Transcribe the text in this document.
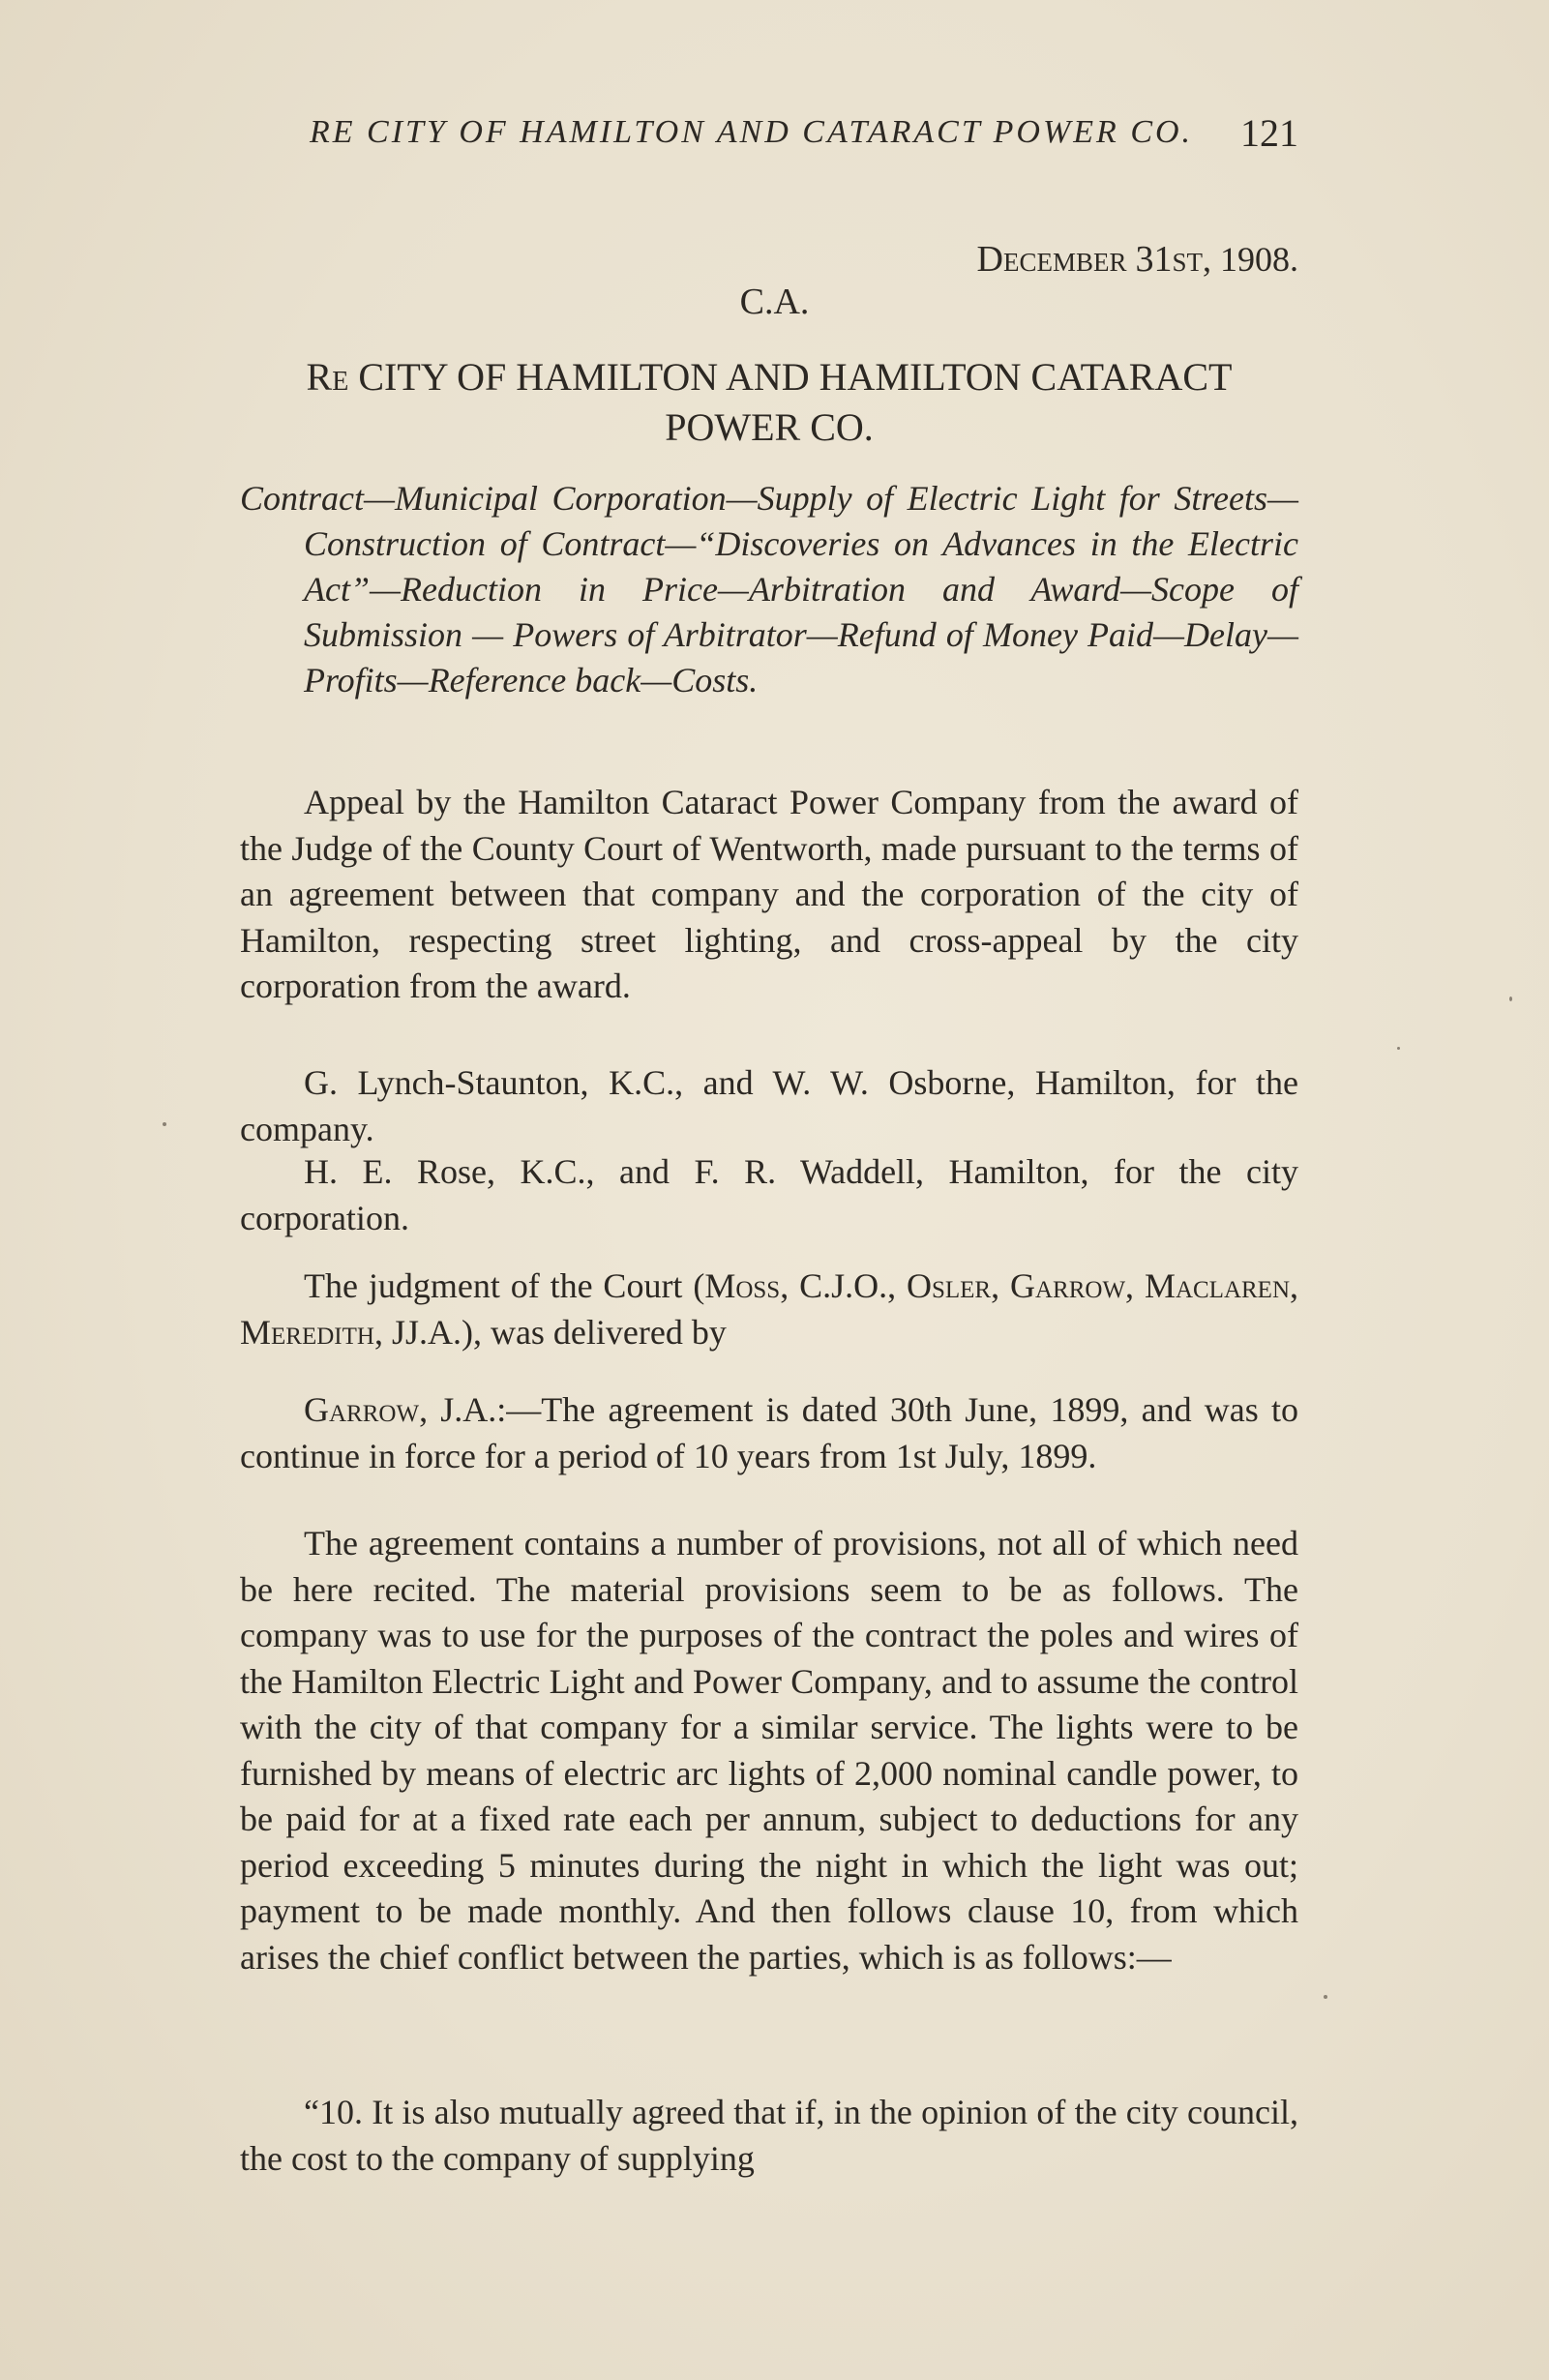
RE CITY OF HAMILTON AND CATARACT POWER CO. 121
December 31st, 1908.
C.A.
Re CITY OF HAMILTON AND HAMILTON CATARACT
POWER CO.
Contract—Municipal Corporation—Supply of Electric Light for Streets—Construction of Contract—“Discoveries on Advances in the Electric Act”—Reduction in Price—Arbitration and Award—Scope of Submission — Powers of Arbitrator—Refund of Money Paid—Delay—Profits—Reference back—Costs.

Appeal by the Hamilton Cataract Power Company from the award of the Judge of the County Court of Wentworth, made pursuant to the terms of an agreement between that company and the corporation of the city of Hamilton, respecting street lighting, and cross-appeal by the city corporation from the award.

G. Lynch-Staunton, K.C., and W. W. Osborne, Hamilton, for the company.

H. E. Rose, K.C., and F. R. Waddell, Hamilton, for the city corporation.

The judgment of the Court (Moss, C.J.O., Osler, Garrow, Maclaren, Meredith, JJ.A.), was delivered by

Garrow, J.A.:—The agreement is dated 30th June, 1899, and was to continue in force for a period of 10 years from 1st July, 1899.

The agreement contains a number of provisions, not all of which need be here recited. The material provisions seem to be as follows. The company was to use for the purposes of the contract the poles and wires of the Hamilton Electric Light and Power Company, and to assume the control with the city of that company for a similar service. The lights were to be furnished by means of electric arc lights of 2,000 nominal candle power, to be paid for at a fixed rate each per annum, subject to deductions for any period exceeding 5 minutes during the night in which the light was out; payment to be made monthly. And then follows clause 10, from which arises the chief conflict between the parties, which is as follows:—

“10. It is also mutually agreed that if, in the opinion of the city council, the cost to the company of supplying
